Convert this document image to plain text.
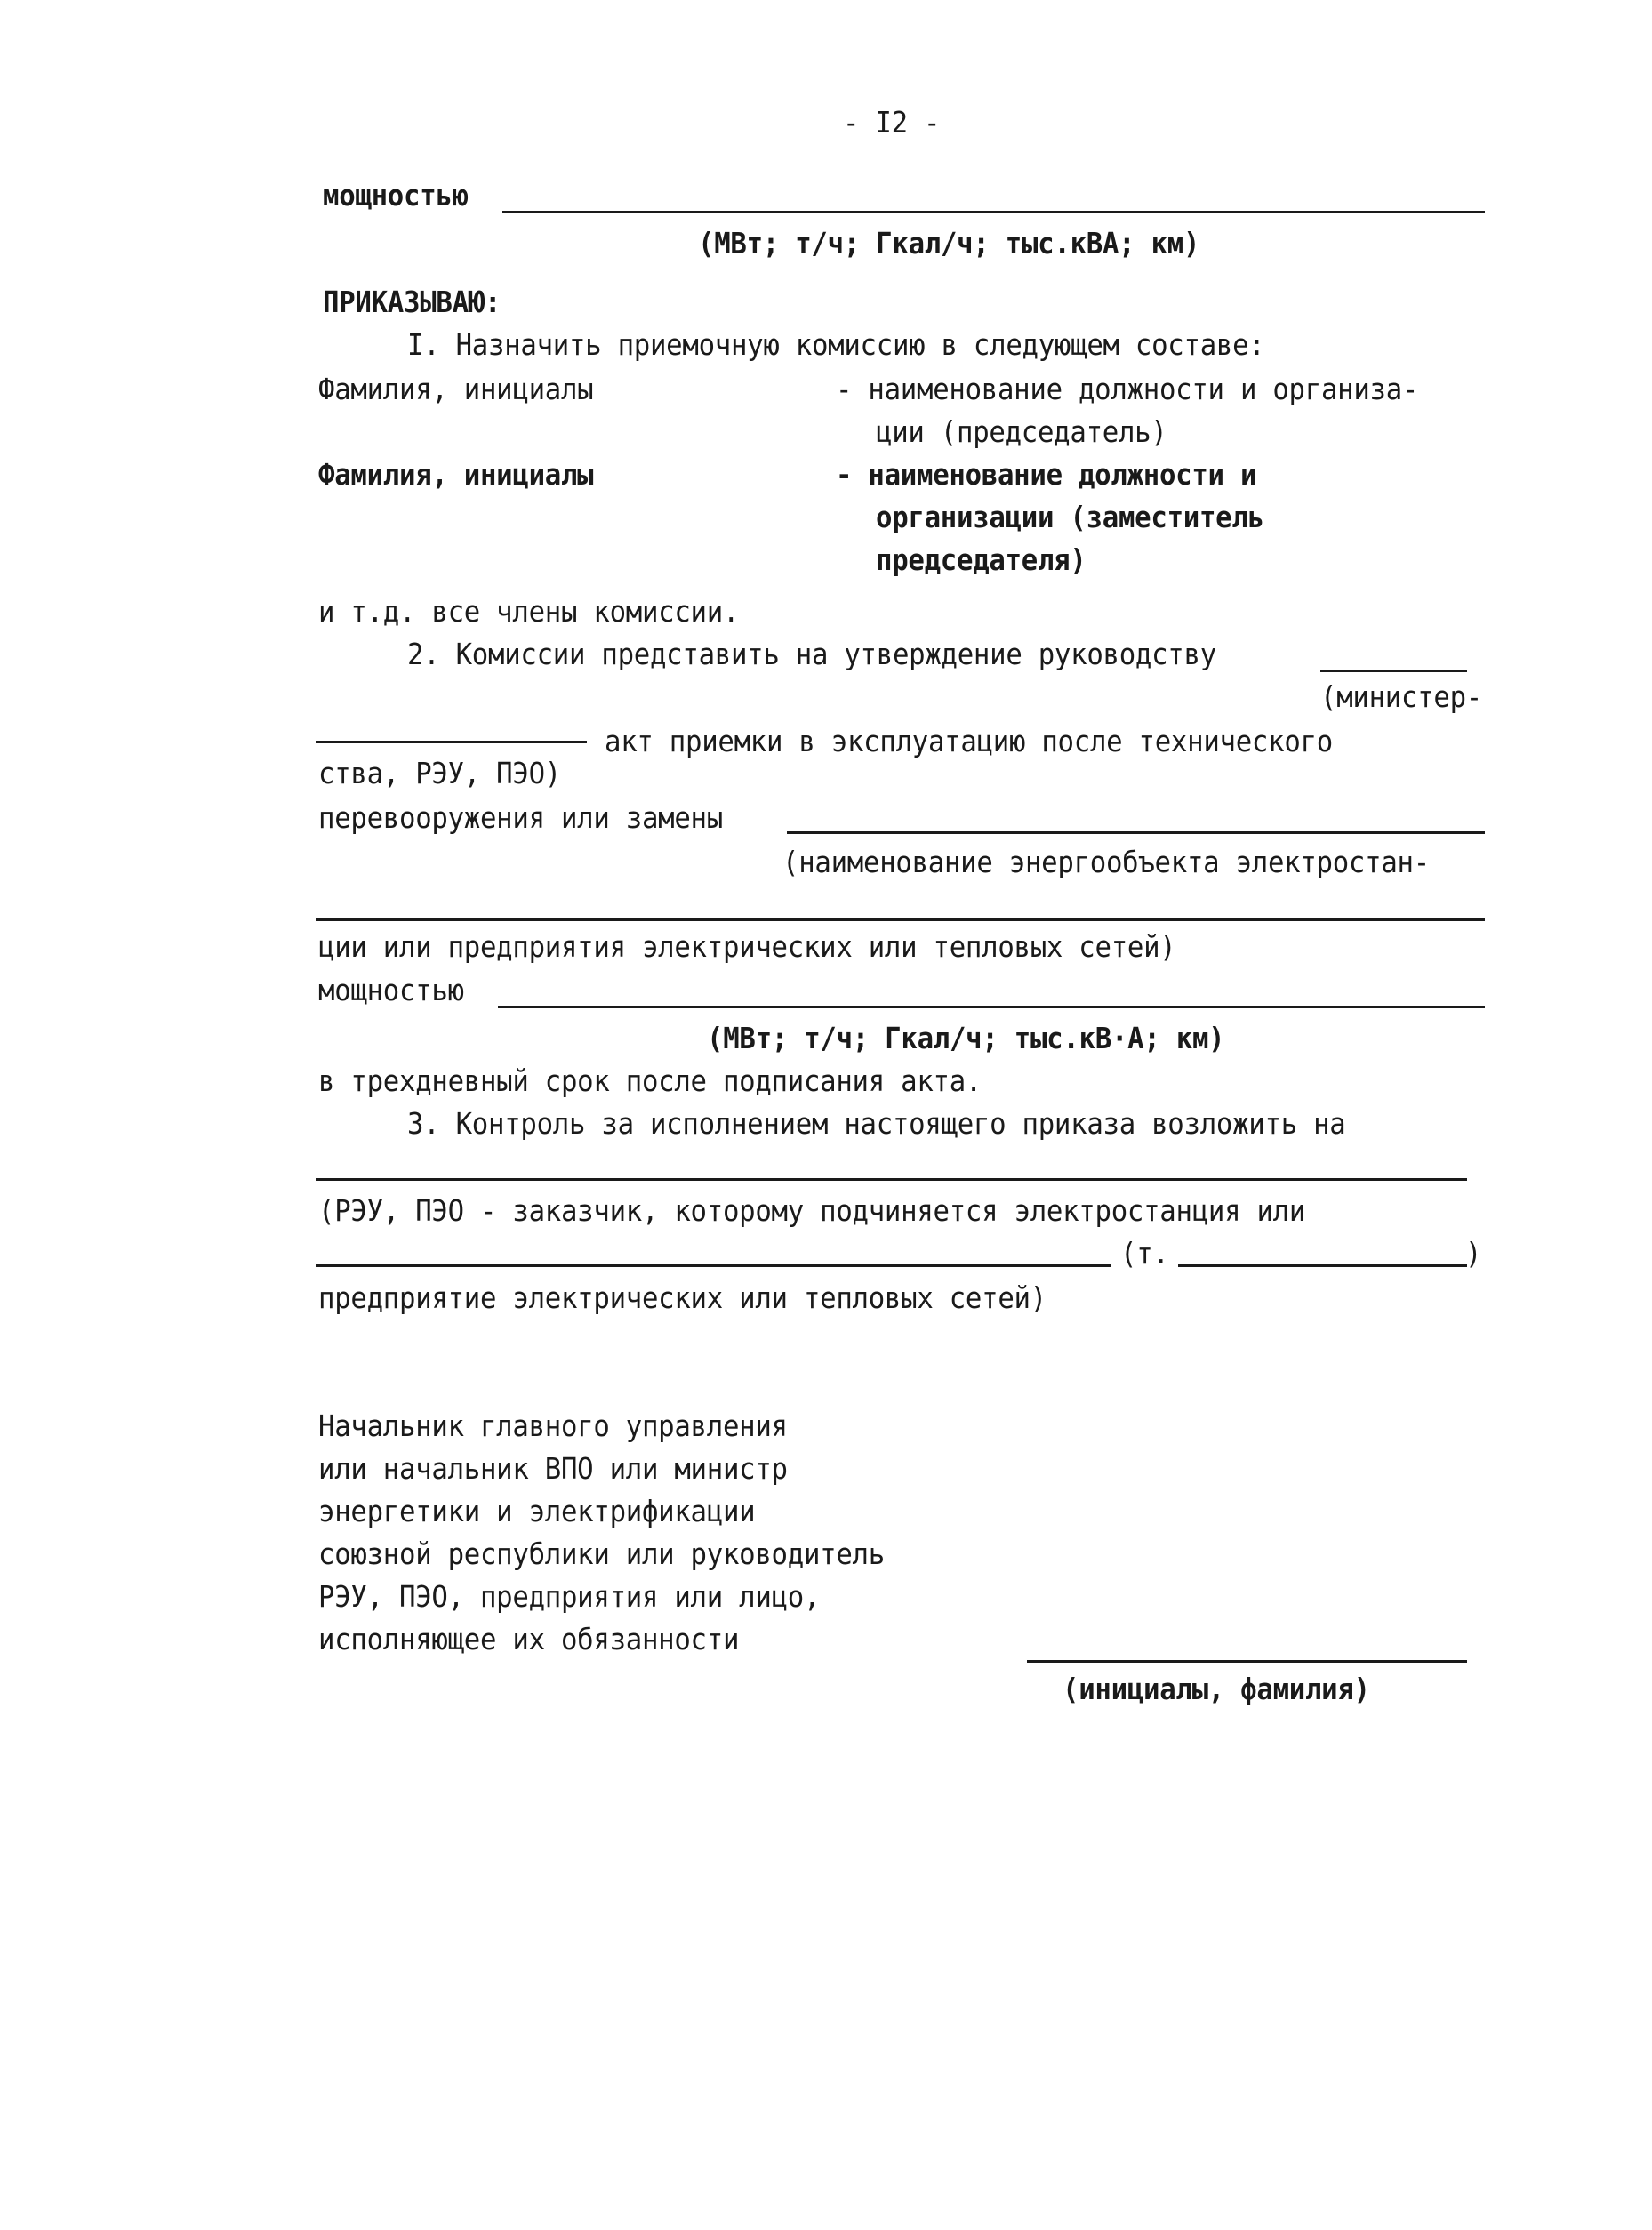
- I2 -
мощностью
(МВт; т/ч; Гкал/ч; тыс.кВА; км)
ПРИКАЗЫВАЮ:
I. Назначить приемочную комиссию в следующем составе:
Фамилия, инициалы	- наименование должности и организа-
ции (председатель)
Фамилия, инициалы	- наименование должности и
организации (заместитель
председателя)
и т.д. все члены комиссии.
2. Комиссии представить на утверждение руководству
(министер-
акт приемки в эксплуатацию после технического
ства, РЭУ, ПЭО)
перевооружения или замены
(наименование энергообъекта электростан-
ции или предприятия электрических или тепловых сетей)
мощностью
(МВт; т/ч; Гкал/ч; тыс.кВ·А; км)
в трехдневный срок после подписания акта.
3. Контроль за исполнением настоящего приказа возложить на
(РЭУ, ПЭО - заказчик, которому подчиняется электростанция или
(т.	)
предприятие электрических или тепловых сетей)
Начальник главного управления
или начальник ВПО или министр
энергетики и электрификации
союзной республики или руководитель
РЭУ, ПЭО, предприятия или лицо,
исполняющее их обязанности
(инициалы, фамилия)
